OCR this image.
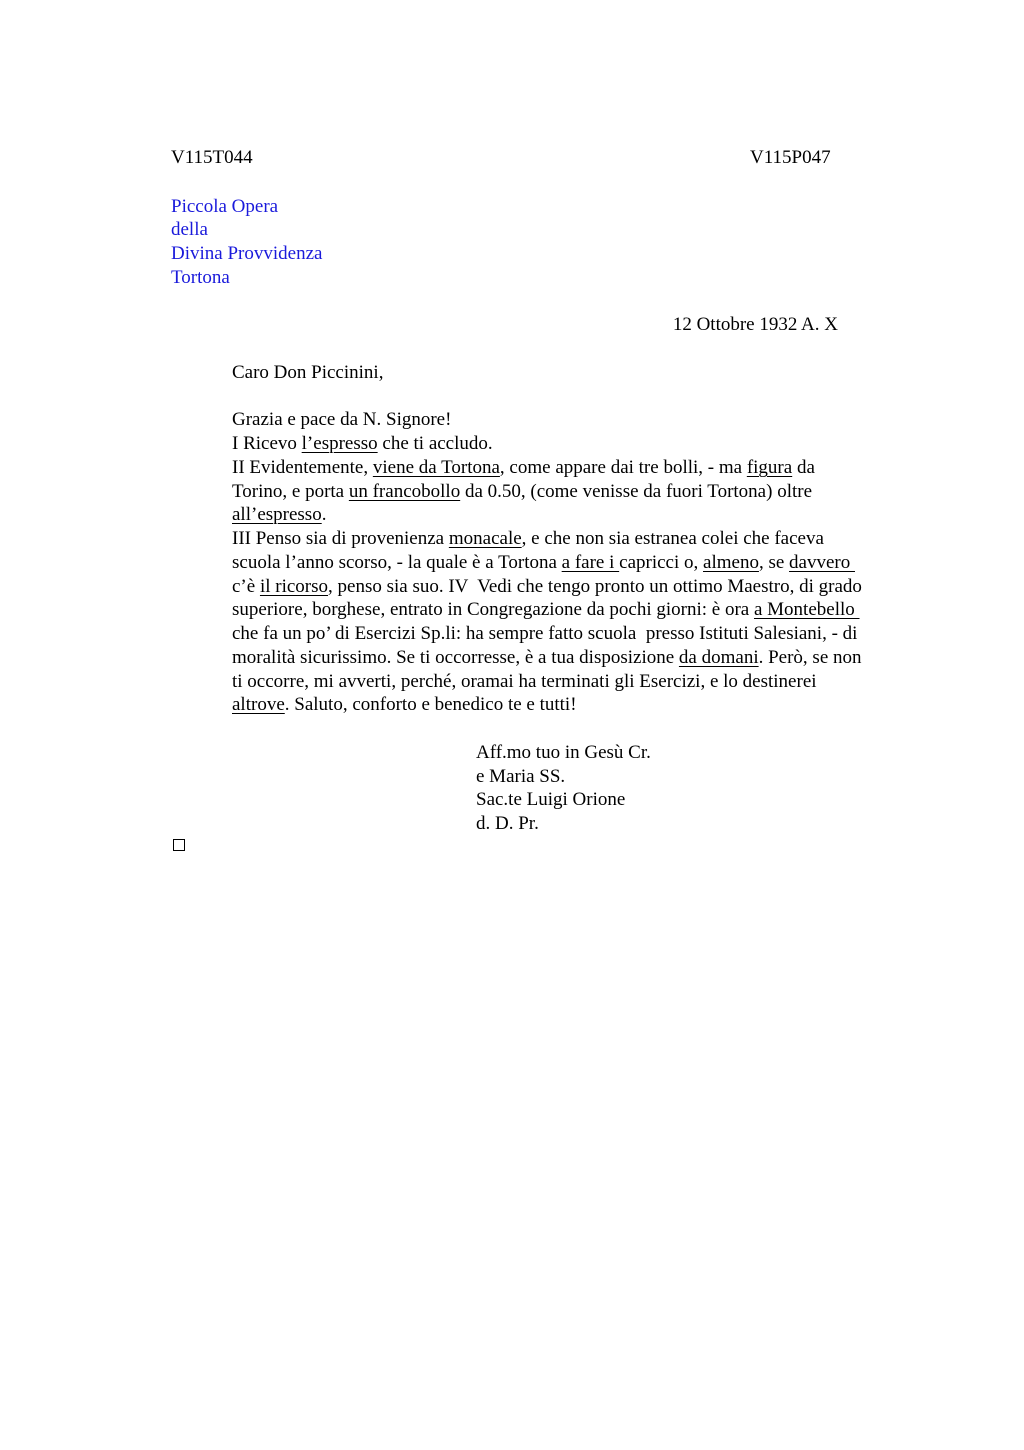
V115T044	V115P047
Piccola Opera
della
Divina Provvidenza
Tortona
12 Ottobre 1932 A. X
Caro Don Piccinini,
Grazia e pace da N. Signore!
I Ricevo l’espresso che ti accludo.
II Evidentemente, viene da Tortona, come appare dai tre bolli, - ma figura da
Torino, e porta un francobollo da 0.50, (come venisse da fuori Tortona) oltre
all’espresso.
III Penso sia di provenienza monacale, e che non sia estranea colei che faceva
scuola l’anno scorso, - la quale è a Tortona a fare i capricci o, almeno, se davvero
c’è il ricorso, penso sia suo. IV  Vedi che tengo pronto un ottimo Maestro, di grado
superiore, borghese, entrato in Congregazione da pochi giorni: è ora a Montebello
che fa un po’ di Esercizi Sp.li: ha sempre fatto scuola  presso Istituti Salesiani, - di
moralità sicurissimo. Se ti occorresse, è a tua disposizione da domani. Però, se non
ti occorre, mi avverti, perché, oramai ha terminati gli Esercizi, e lo destinerei
altrove. Saluto, conforto e benedico te e tutti!
Aff.mo tuo in Gesù Cr.
e Maria SS.
Sac.te Luigi Orione
d. D. Pr.
